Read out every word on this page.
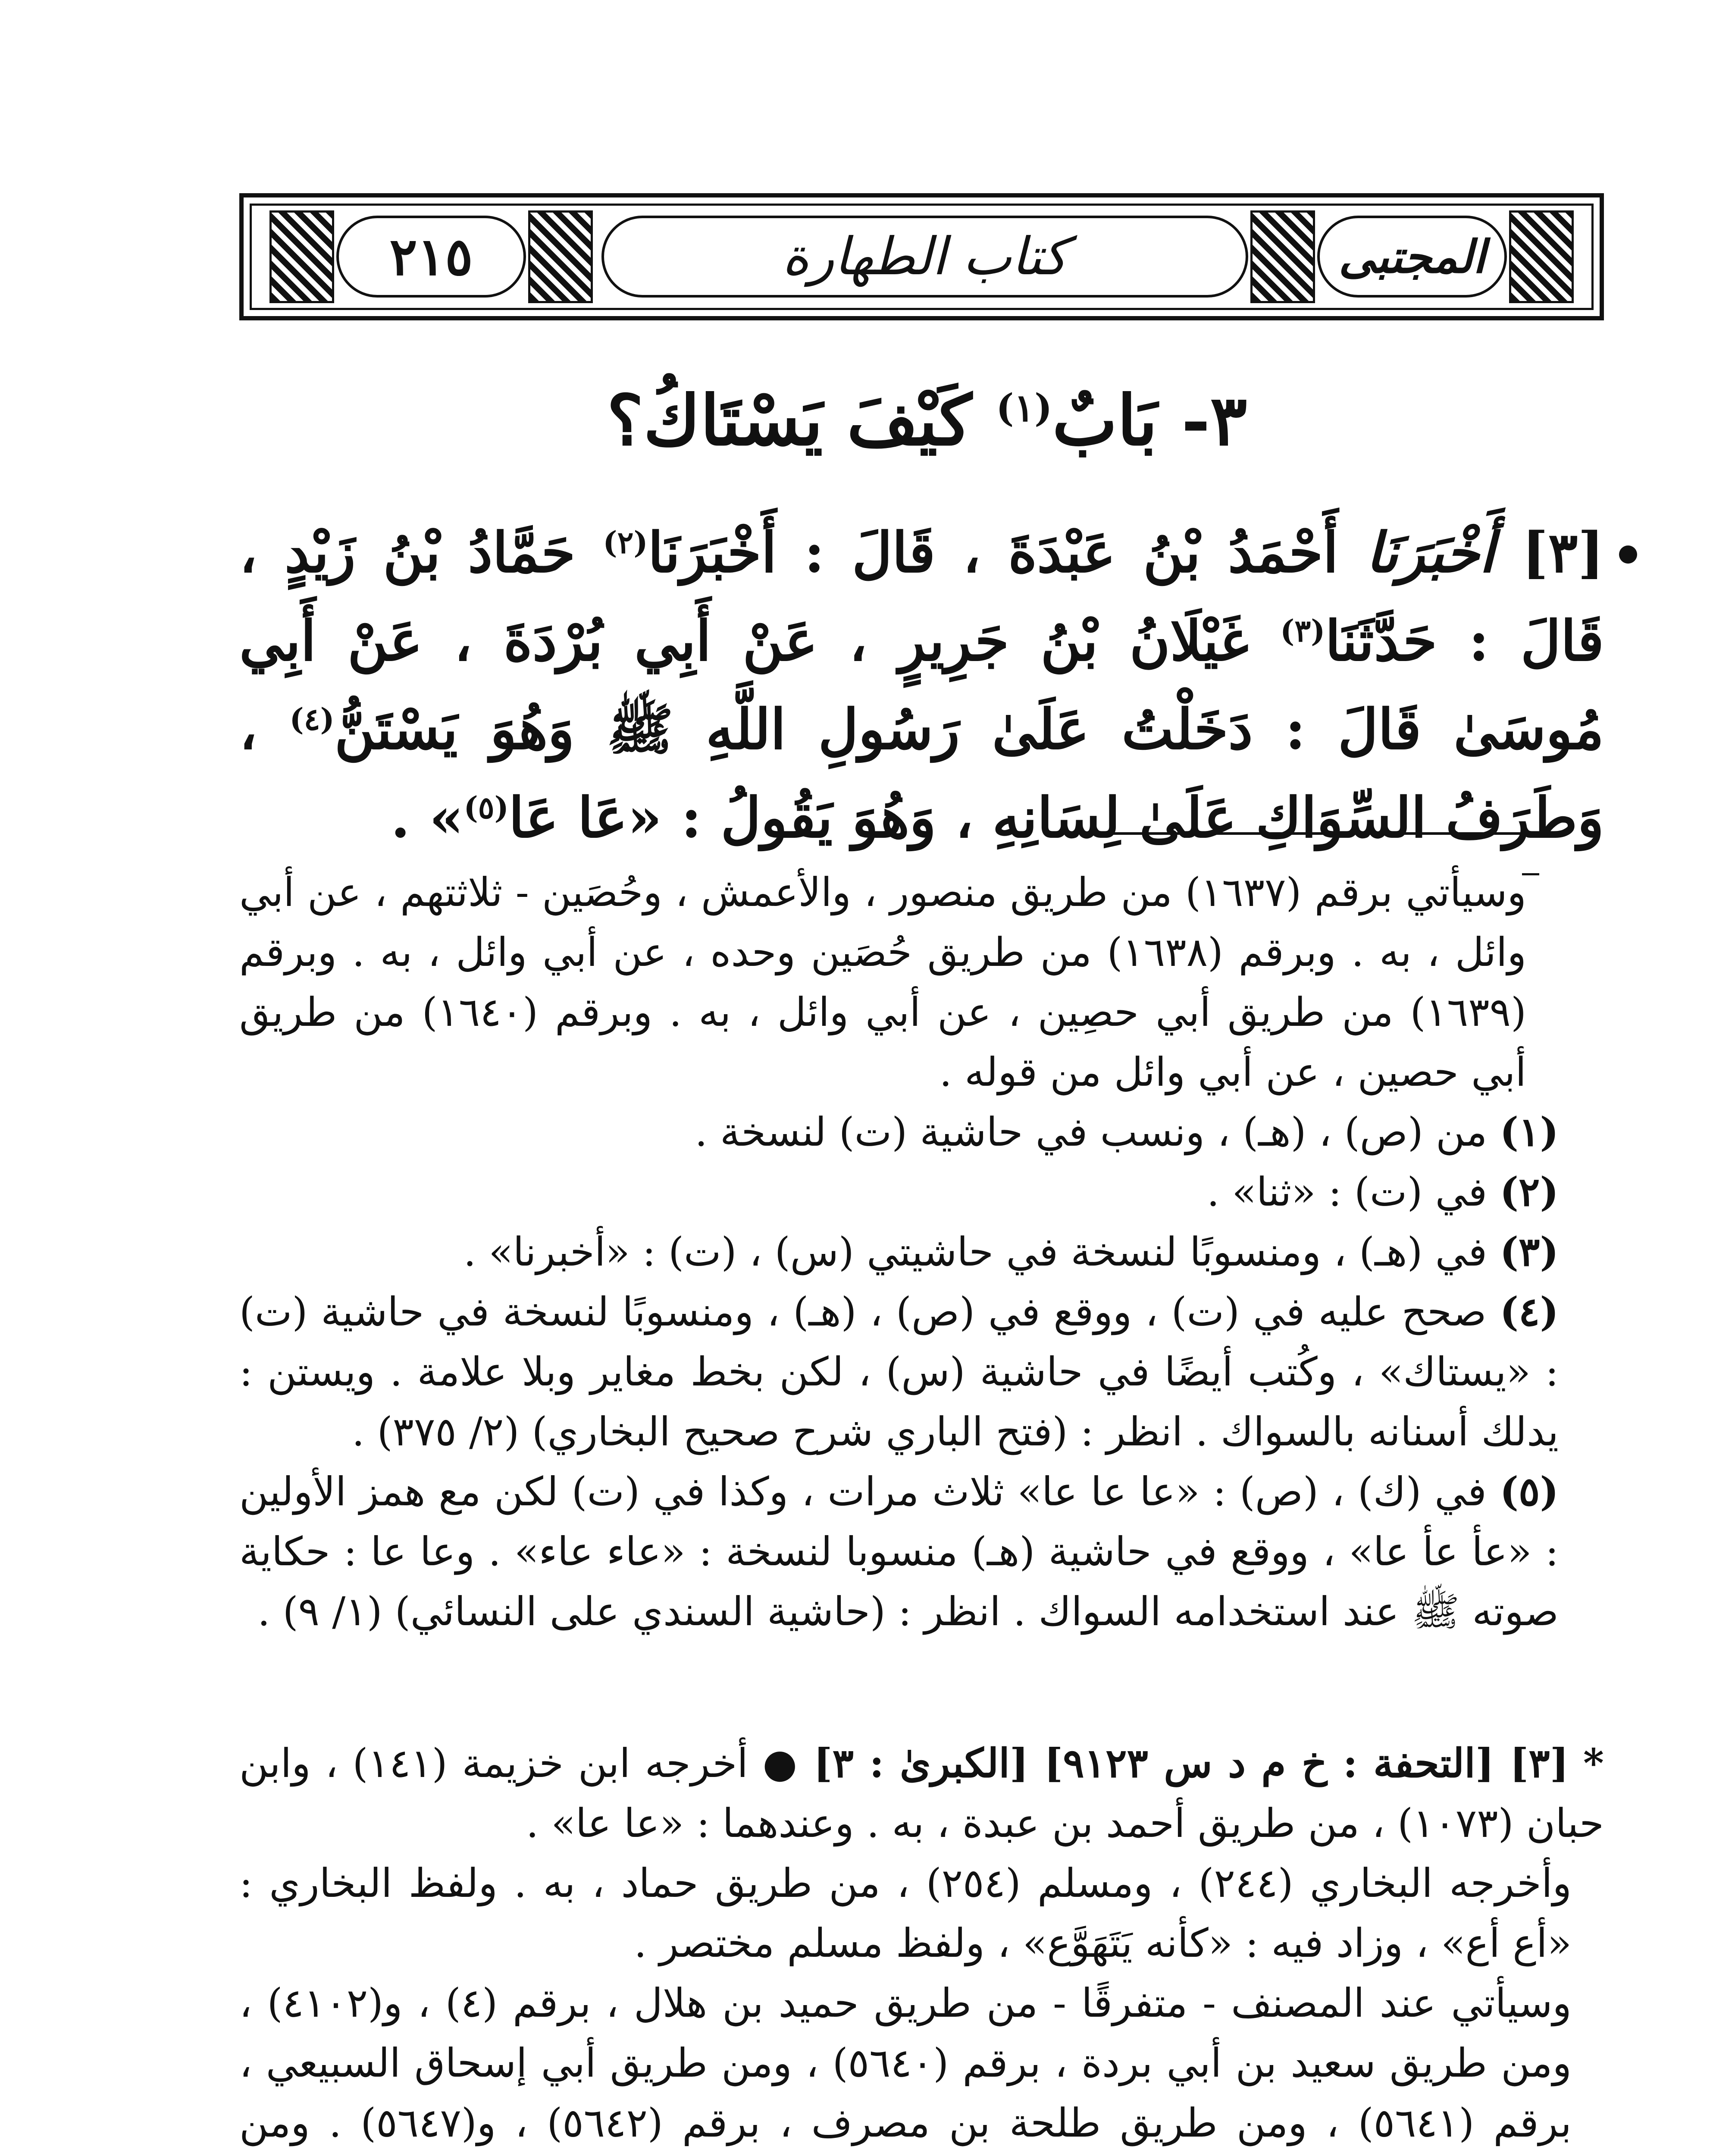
٢١٥	كتاب الطهارة	المجتبى
٣- بَابٌ$^{(١)}$ كَيْفَ يَسْتَاكُ؟
[٣] أَخْبَرَنَا أَحْمَدُ بْنُ عَبْدَةَ ، قَالَ : أَخْبَرَنَا$^{(٢)}$ حَمَّادُ بْنُ زَيْدٍ ، قَالَ : حَدَّثَنَا$^{(٣)}$ غَيْلَانُ بْنُ جَرِيرٍ ، عَنْ أَبِي بُرْدَةَ ، عَنْ أَبِي مُوسَىٰ قَالَ : دَخَلْتُ عَلَىٰ رَسُولِ اللَّهِ ﷺ وَهُوَ يَسْتَنُّ$^{(٤)}$ ، وَطَرَفُ السِّوَاكِ عَلَىٰ لِسَانِهِ ، وَهُوَ يَقُولُ : «عَا عَا$^{(٥)}$» .

وسيأتي برقم (١٦٣٧) من طريق منصور ، والأعمش ، وحُصَين - ثلاثتهم ، عن أبي وائل ، به . وبرقم (١٦٣٨) من طريق حُصَين وحده ، عن أبي وائل ، به . وبرقم (١٦٣٩) من طريق أبي حصِين ، عن أبي وائل ، به . وبرقم (١٦٤٠) من طريق أبي حصين ، عن أبي وائل من قوله .

(١) من (ص) ، (هـ) ، ونسب في حاشية (ت) لنسخة .

(٢) في (ت) : «ثنا» .

(٣) في (هـ) ، ومنسوبًا لنسخة في حاشيتي (س) ، (ت) : «أخبرنا» .

(٤) صحح عليه في (ت) ، ووقع في (ص) ، (هـ) ، ومنسوبًا لنسخة في حاشية (ت) : «يستاك» ، وكُتب أيضًا في حاشية (س) ، لكن بخط مغاير وبلا علامة . ويستن : يدلك أسنانه بالسواك . انظر : (فتح الباري شرح صحيح البخاري) (٢/ ٣٧٥) .

(٥) في (ك) ، (ص) : «عا عا عا» ثلاث مرات ، وكذا في (ت) لكن مع همز الأولين : «عأ عأ عا» ، ووقع في حاشية (هـ) منسوبا لنسخة : «عاء عاء» . وعا عا : حكاية صوته ﷺ عند استخدامه السواك . انظر : (حاشية السندي على النسائي) (١/ ٩) .

* [٣] [التحفة : خ م د س ٩١٢٣] [الكبرىٰ : ٣] ● أخرجه ابن خزيمة (١٤١) ، وابن حبان (١٠٧٣) ، من طريق أحمد بن عبدة ، به . وعندهما : «عا عا» .

وأخرجه البخاري (٢٤٤) ، ومسلم (٢٥٤) ، من طريق حماد ، به . ولفظ البخاري : «أع أع» ، وزاد فيه : «كأنه يَتَهَوَّع» ، ولفظ مسلم مختصر .

وسيأتي عند المصنف - متفرقًا - من طريق حميد بن هلال ، برقم (٤) ، و(٤١٠٢) ، ومن طريق سعيد بن أبي بردة ، برقم (٥٦٤٠) ، ومن طريق أبي إسحاق السبيعي ، برقم (٥٦٤١) ، ومن طريق طلحة بن مصرف ، برقم (٥٦٤٢) ، و(٥٦٤٧) . ومن
